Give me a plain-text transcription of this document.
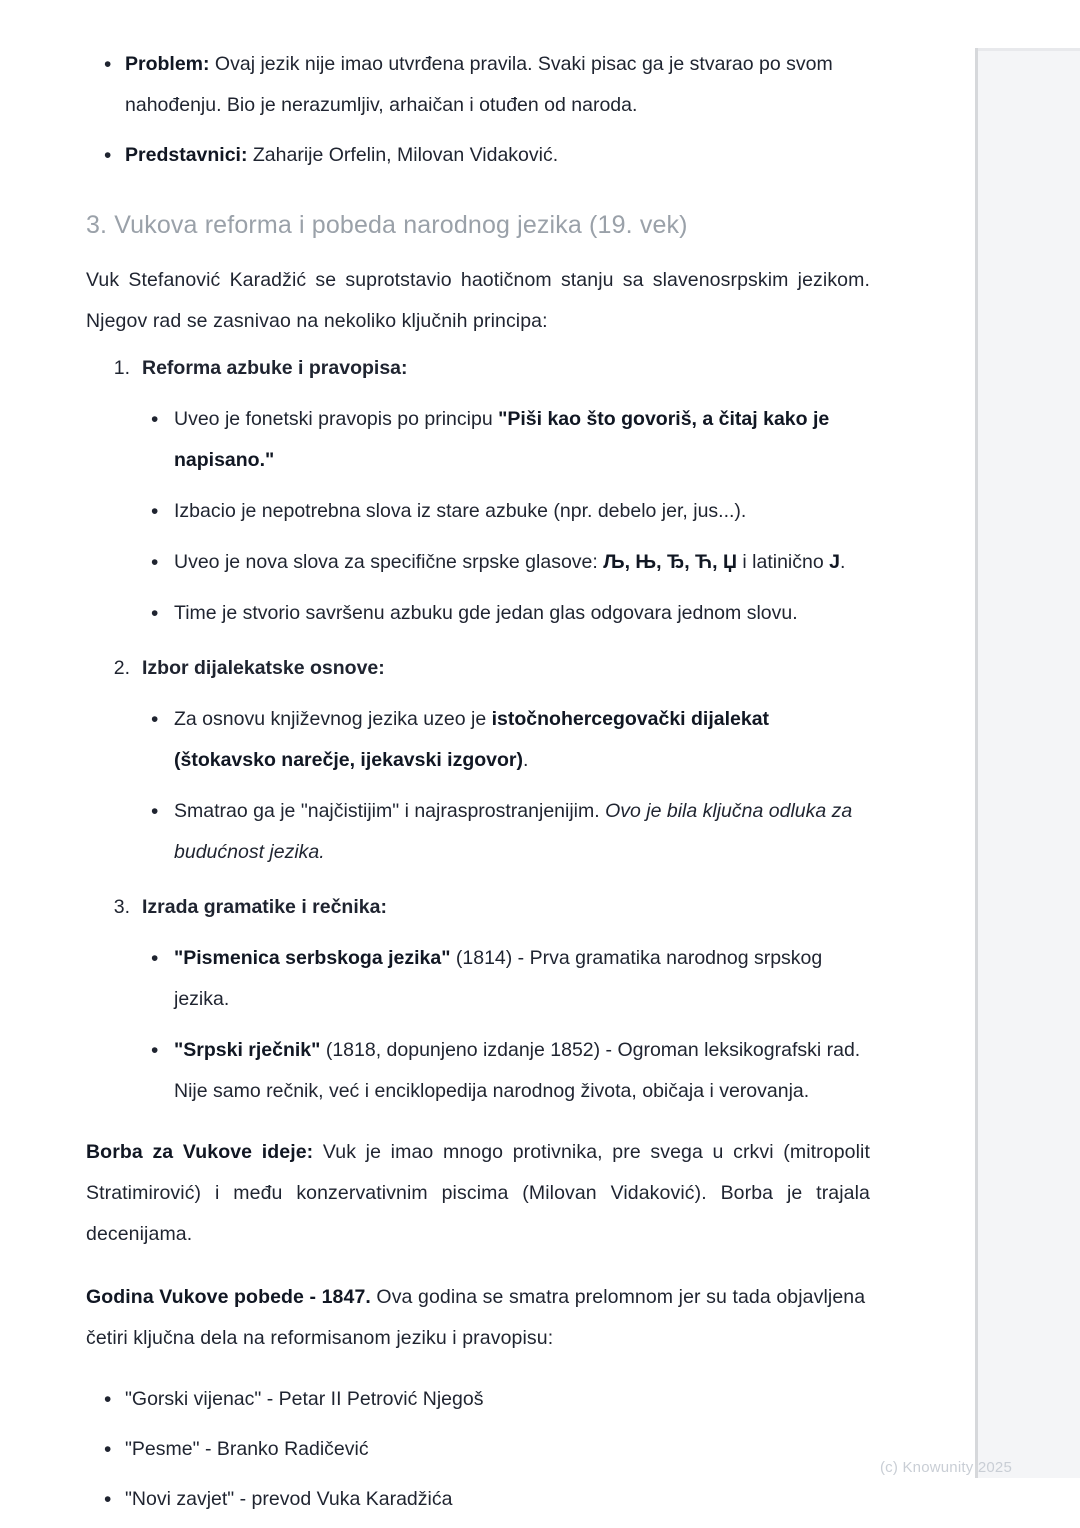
• Problem: Ovaj jezik nije imao utvrđena pravila. Svaki pisac ga je stvarao po svom nahođenju. Bio je nerazumljiv, arhaičan i otuđen od naroda.
• Predstavnici: Zaharije Orfelin, Milovan Vidaković.
3. Vukova reforma i pobeda narodnog jezika (19. vek)

Vuk Stefanović Karadžić se suprotstavio haotičnom stanju sa slavenosrpskim jezikom. Njegov rad se zasnivao na nekoliko ključnih principa:

1. Reforma azbuke i pravopisa:
• Uveo je fonetski pravopis po principu "Piši kao što govoriš, a čitaj kako je napisano."
• Izbacio je nepotrebna slova iz stare azbuke (npr. debelo jer, jus...).
• Uveo je nova slova za specifične srpske glasove: Љ, Њ, Ђ, Ћ, Џ i latinično J.
• Time je stvorio savršenu azbuku gde jedan glas odgovara jednom slovu.
2. Izbor dijalekatske osnove:
• Za osnovu književnog jezika uzeo je istočnohercegovački dijalekat (štokavsko narečje, ijekavski izgovor).
• Smatrao ga je "najčistijim" i najrasprostranjenijim. Ovo je bila ključna odluka za budućnost jezika.
3. Izrada gramatike i rečnika:
• "Pismenica serbskoga jezika" (1814) - Prva gramatika narodnog srpskog jezika.
• "Srpski rječnik" (1818, dopunjeno izdanje 1852) - Ogroman leksikografski rad. Nije samo rečnik, već i enciklopedija narodnog života, običaja i verovanja.

Borba za Vukove ideje: Vuk je imao mnogo protivnika, pre svega u crkvi (mitropolit Stratimirović) i među konzervativnim piscima (Milovan Vidaković). Borba je trajala decenijama.

Godina Vukove pobede - 1847. Ova godina se smatra prelomnom jer su tada objavljena četiri ključna dela na reformisanom jeziku i pravopisu:

• "Gorski vijenac" - Petar II Petrović Njegoš
• "Pesme" - Branko Radičević
• "Novi zavjet" - prevod Vuka Karadžića
(c) Knowunity 2025
